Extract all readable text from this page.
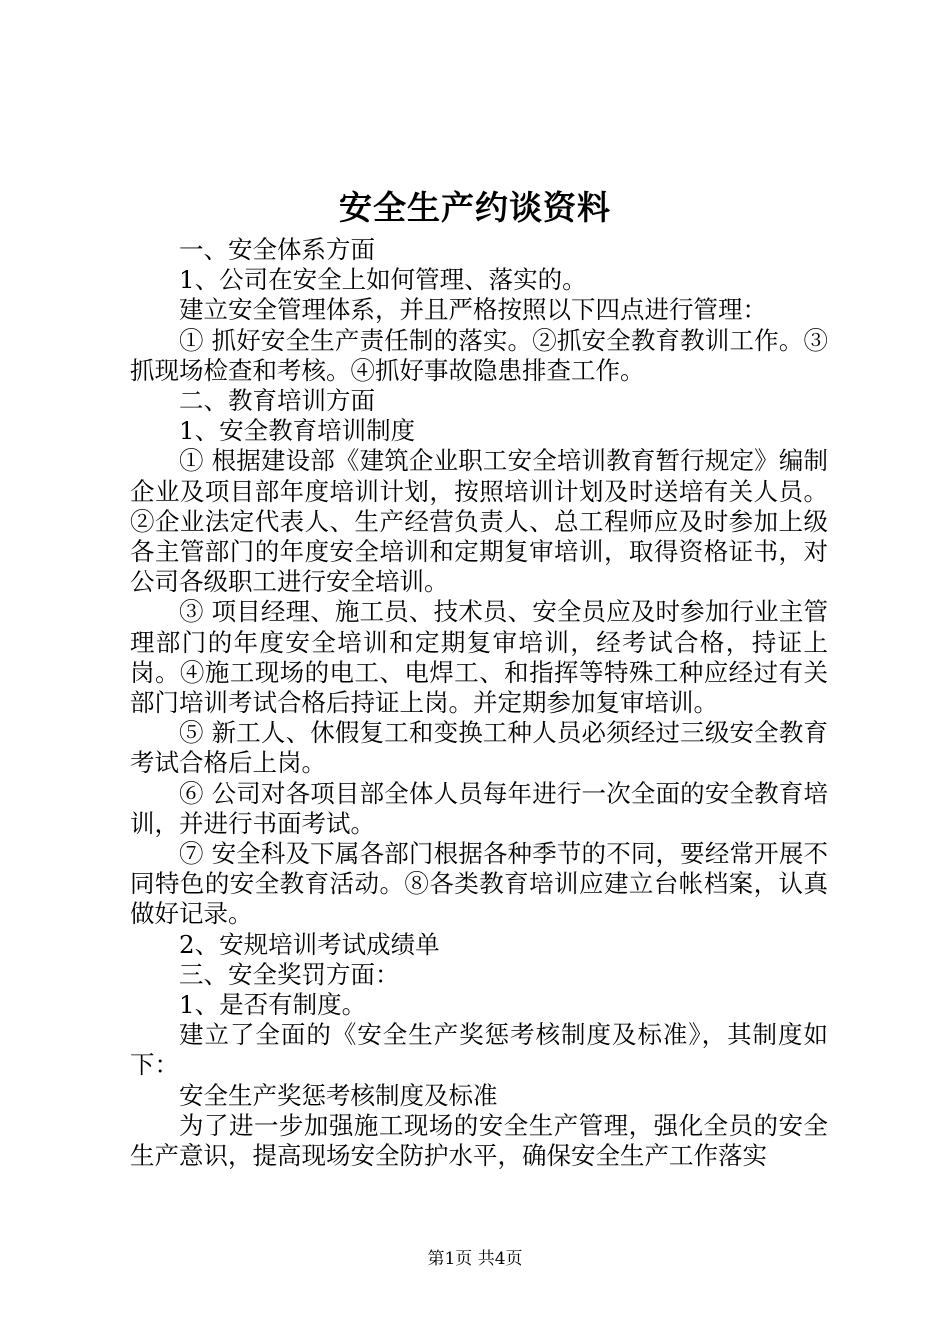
安全生产约谈资料

一、安全体系方面

1、公司在安全上如何管理、落实的。

建立安全管理体系，并且严格按照以下四点进行管理：

① 抓好安全生产责任制的落实。②抓安全教育教训工作。③抓现场检查和考核。④抓好事故隐患排查工作。

二、教育培训方面

1、安全教育培训制度

① 根据建设部《建筑企业职工安全培训教育暂行规定》编制企业及项目部年度培训计划，按照培训计划及时送培有关人员。②企业法定代表人、生产经营负责人、总工程师应及时参加上级各主管部门的年度安全培训和定期复审培训，取得资格证书，对公司各级职工进行安全培训。

③ 项目经理、施工员、技术员、安全员应及时参加行业主管理部门的年度安全培训和定期复审培训，经考试合格，持证上岗。④施工现场的电工、电焊工、和指挥等特殊工种应经过有关部门培训考试合格后持证上岗。并定期参加复审培训。

⑤ 新工人、休假复工和变换工种人员必须经过三级安全教育考试合格后上岗。

⑥ 公司对各项目部全体人员每年进行一次全面的安全教育培训，并进行书面考试。

⑦ 安全科及下属各部门根据各种季节的不同，要经常开展不同特色的安全教育活动。⑧各类教育培训应建立台帐档案，认真做好记录。

2、安规培训考试成绩单

三、安全奖罚方面：

1、是否有制度。

建立了全面的《安全生产奖惩考核制度及标准》，其制度如下：

安全生产奖惩考核制度及标准

为了进一步加强施工现场的安全生产管理，强化全员的安全生产意识，提高现场安全防护水平，确保安全生产工作落实

第1页 共4页
